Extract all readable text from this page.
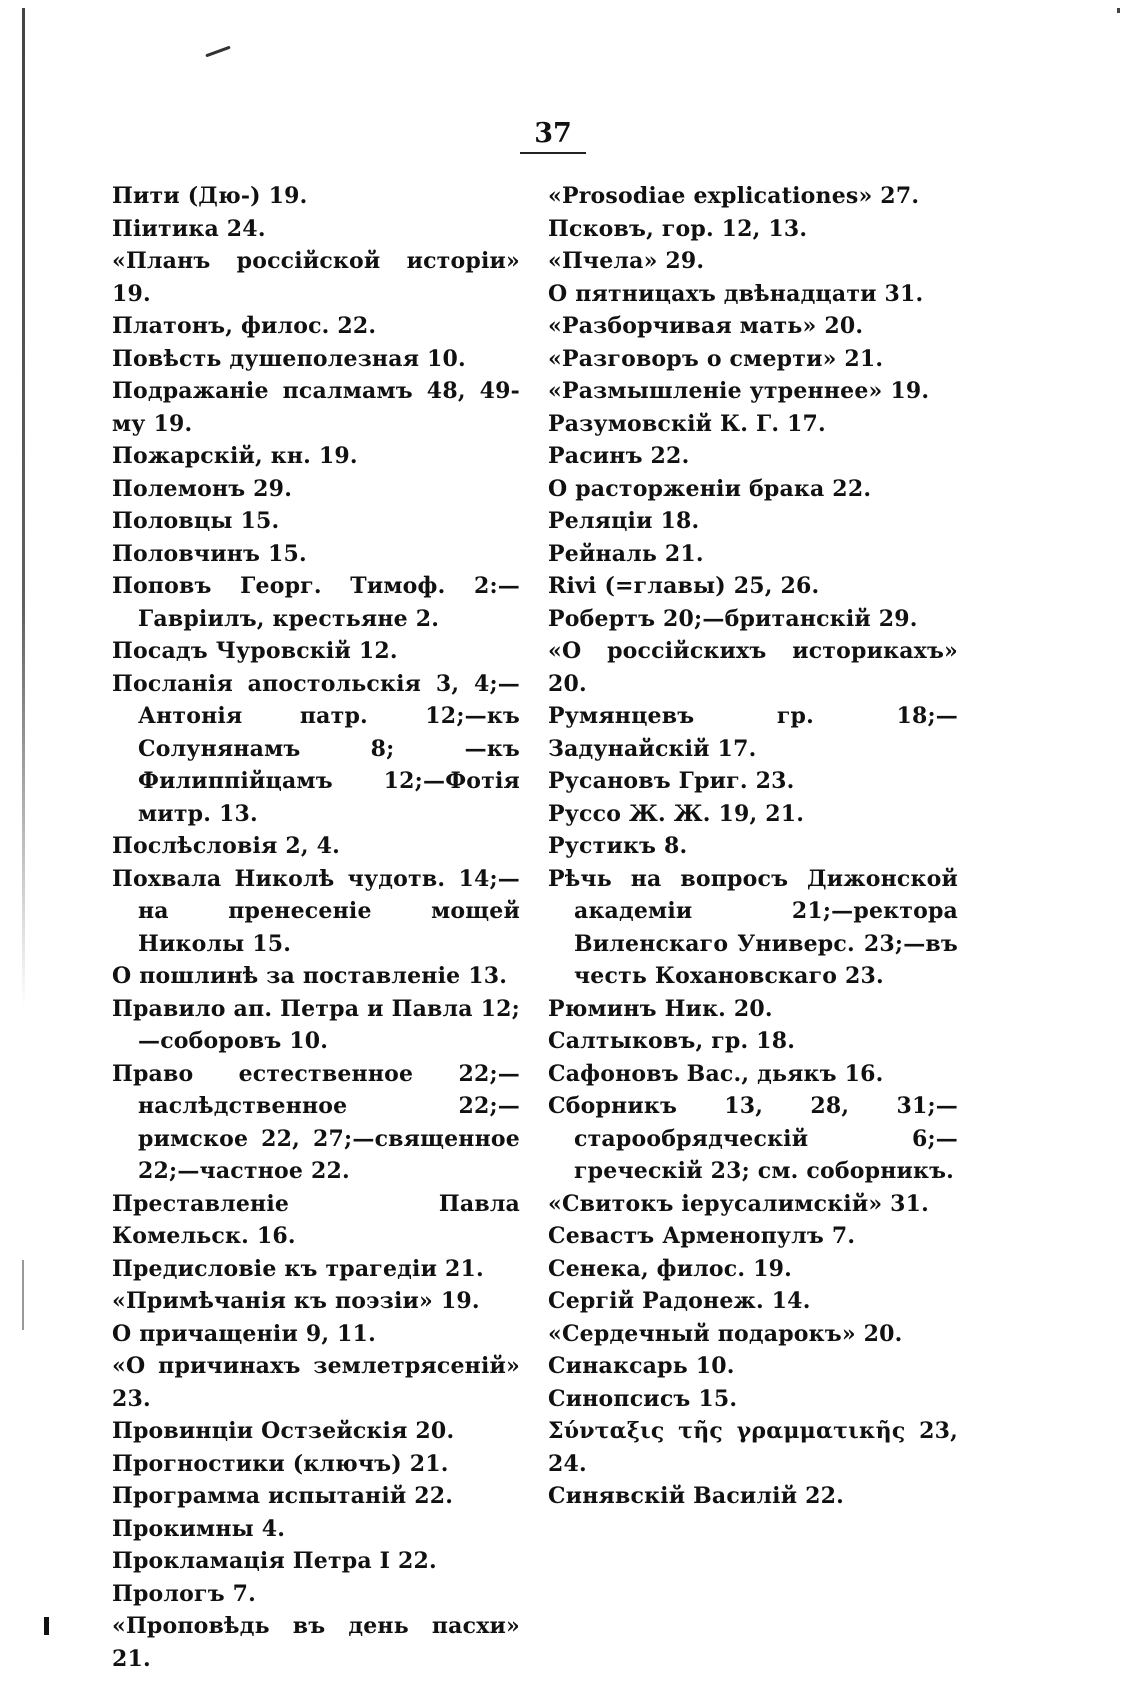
37
Пити (Дю-) 19.
Піитика 24.
«Планъ россійской исторіи» 19.
Платонъ, филос. 22.
Повѣсть душеполезная 10.
Подражаніе псалмамъ 48, 49-му 19.
Пожарскій, кн. 19.
Полемонъ 29.
Половцы 15.
Половчинъ 15.
Поповъ Георг. Тимоф. 2:—Гавріилъ, крестьяне 2.
Посадъ Чуровскій 12.
Посланія апостольскія 3, 4;—Антонія патр. 12;—къ Солунянамъ 8; —къ Филиппійцамъ 12;—Фотія митр. 13.
Послѣсловія 2, 4.
Похвала Николѣ чудотв. 14;—на пренесеніе мощей Николы 15.
О пошлинѣ за поставленіе 13.
Правило ап. Петра и Павла 12;—соборовъ 10.
Право естественное 22;—наслѣдственное 22;—римское 22, 27;—священное 22;—частное 22.
Преставленіе Павла Комельск. 16.
Предисловіе къ трагедіи 21.
«Примѣчанія къ поэзіи» 19.
О причащеніи 9, 11.
«О причинахъ землетрясеній» 23.
Провинціи Остзейскія 20.
Прогностики (ключъ) 21.
Программа испытаній 22.
Прокимны 4.
Прокламація Петра I 22.
Прологъ 7.
«Проповѣдь въ день пасхи» 21.
«Prosodiae explicationes» 27.
Псковъ, гор. 12, 13.
«Пчела» 29.
О пятницахъ двѣнадцати 31.
«Разборчивая мать» 20.
«Разговоръ о смерти» 21.
«Размышленіе утреннее» 19.
Разумовскій К. Г. 17.
Расинъ 22.
О расторженіи брака 22.
Реляціи 18.
Рейналь 21.
Rivi (=главы) 25, 26.
Робертъ 20;—британскій 29.
«О россійскихъ историкахъ» 20.
Румянцевъ гр. 18;—Задунайскій 17.
Русановъ Григ. 23.
Руссо Ж. Ж. 19, 21.
Рустикъ 8.
Рѣчь на вопросъ Дижонской академіи 21;—ректора Виленскаго Универс. 23;—въ честь Кохановскаго 23.
Рюминъ Ник. 20.
Салтыковъ, гр. 18.
Сафоновъ Вас., дьякъ 16.
Сборникъ 13, 28, 31;—старообрядческій 6;—греческій 23; см. соборникъ.
«Свитокъ іерусалимскій» 31.
Севастъ Арменопулъ 7.
Сенека, филос. 19.
Сергій Радонеж. 14.
«Сердечный подарокъ» 20.
Синаксарь 10.
Синопсисъ 15.
Σύνταξις τῆς γραμματικῆς 23, 24.
Синявскій Василій 22.
